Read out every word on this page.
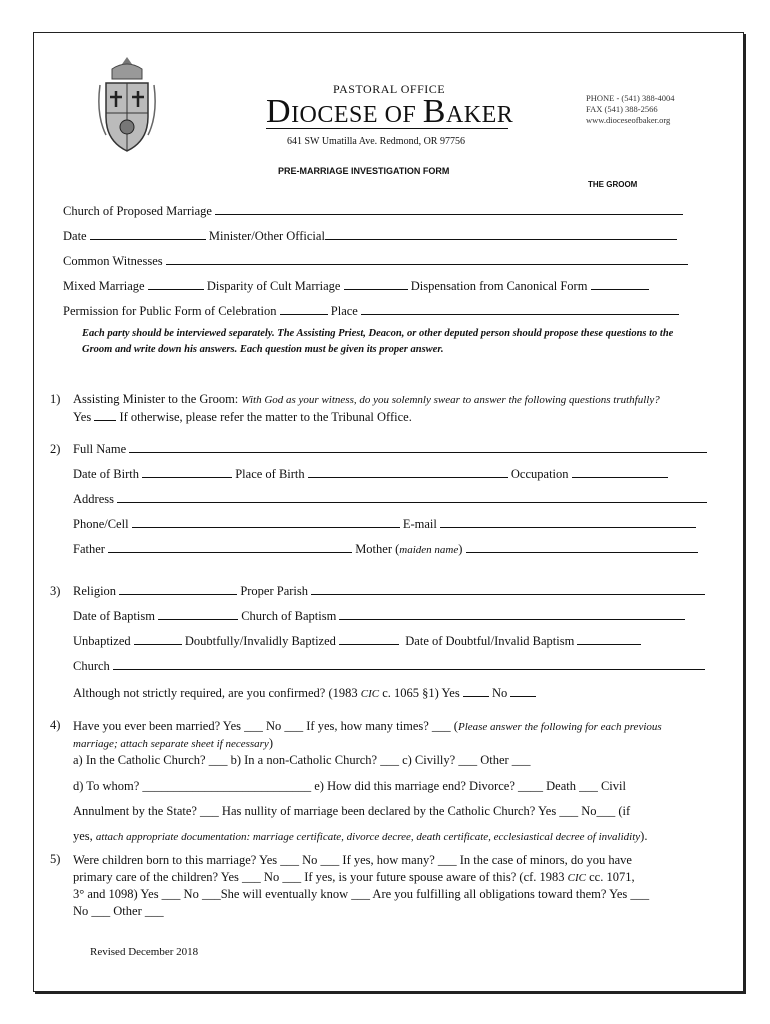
PASTORAL OFFICE
DIOCESE OF BAKER
641 SW Umatilla Ave. Redmond, OR 97756
PHONE - (541) 388-4004
FAX (541) 388-2566
www.dioceseofbaker.org
PRE-MARRIAGE INVESTIGATION FORM
THE GROOM
Church of Proposed Marriage
Date	Minister/Other Official
Common Witnesses
Mixed Marriage	Disparity of Cult Marriage	Dispensation from Canonical Form
Permission for Public Form of Celebration	Place
Each party should be interviewed separately. The Assisting Priest, Deacon, or other deputed person should propose these questions to the Groom and write down his answers. Each question must be given its proper answer.
1) Assisting Minister to the Groom: With God as your witness, do you solemnly swear to answer the following questions truthfully?
Yes If otherwise, please refer the matter to the Tribunal Office.
2) Full Name
Date of Birth	Place of Birth	Occupation
Address
Phone/Cell	E-mail
Father	Mother (maiden name)
3) Religion	Proper Parish
Date of Baptism	Church of Baptism
Unbaptized	Doubtfully/Invalidly Baptized	Date of Doubtful/Invalid Baptism
Church
Although not strictly required, are you confirmed? (1983 CIC c. 1065 §1) Yes	No
4) Have you ever been married? Yes ___ No ___ If yes, how many times? ___ (Please answer the following for each previous
marriage; attach separate sheet if necessary)
a) In the Catholic Church? ___ b) In a non-Catholic Church? ___ c) Civilly? ___ Other ___
d) To whom? ___________________________ e) How did this marriage end? Divorce? ____ Death ___ Civil
Annulment by the State? ___ Has nullity of marriage been declared by the Catholic Church? Yes ___ No___ (if
yes, attach appropriate documentation: marriage certificate, divorce decree, death certificate, ecclesiastical decree of invalidity).
5) Were children born to this marriage? Yes ___ No ___ If yes, how many? ___ In the case of minors, do you have
primary care of the children? Yes ___ No ___ If yes, is your future spouse aware of this? (cf. 1983 CIC cc. 1071,
3° and 1098) Yes ___ No ___She will eventually know ___ Are you fulfilling all obligations toward them? Yes ___
No ___ Other ___
Revised December 2018
